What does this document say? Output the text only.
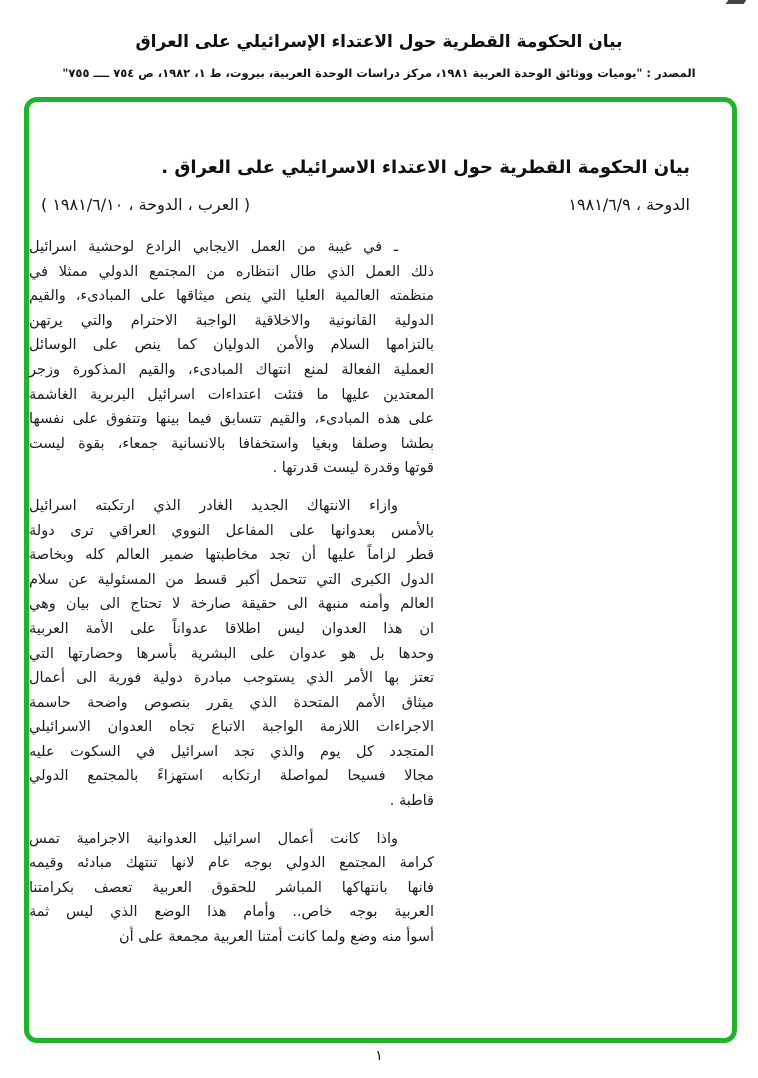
بيان الحكومة القطرية حول الاعتداء الإسرائيلي على العراق
المصدر : "يوميات ووثائق الوحدة العربية ١٩٨١، مركز دراسات الوحدة العربية، بيروت، ط ١، ١٩٨٢، ص ٧٥٤ ــــ ٧٥٥"
بيان الحكومة القطرية حول الاعتداء الاسرائيلي على العراق .
الدوحة ، ١٩٨١/٦/٩
( العرب ، الدوحة ، ١٩٨١/٦/١٠ )
ـ في غيبة من العمل الايجابي الرادع لوحشية اسرائيل
ذلك العمل الذي طال انتظاره من المجتمع الدولي ممثلا في
منظمته العالمية العليا التي ينص ميثاقها على المبادىء، والقيم
الدولية القانونية والاخلاقية الواجبة الاحترام والتي يرتهن
بالتزامها السلام والأمن الدوليان كما ينص على الوسائل
العملية الفعالة لمنع انتهاك المبادىء، والقيم المذكورة وزجر
المعتدين عليها ما فتئت اعتداءات اسرائيل البربرية الغاشمة
على هذه المبادىء، والقيم تتسابق فيما بينها وتتفوق على نفسها
بطشا وصلفا وبغيا واستخفافا بالانسانية جمعاء، بقوة ليست
قوتها وقدرة ليست قدرتها .
وازاء الانتهاك الجديد الغادر الذي ارتكبته اسرائيل
بالأمس بعدوانها على المفاعل النووي العراقي ترى دولة
قطر لزاماً عليها أن تجد مخاطبتها ضمير العالم كله وبخاصة
الدول الكبرى التي تتحمل أكبر قسط من المسئولية عن سلام
العالم وأمنه منبهة الى حقيقة صارخة لا تحتاج الى بيان وهي
ان هذا العدوان ليس اطلاقا عدواناً على الأمة العربية
وحدها بل هو عدوان على البشرية بأسرها وحضارتها التي
تعتز بها الأمر الذي يستوجب مبادرة دولية فورية الى أعمال
ميثاق الأمم المتحدة الذي يقرر بنصوص واضحة حاسمة
الاجراءات اللازمة الواجبة الاتباع تجاه العدوان الاسرائيلي
المتجدد كل يوم والذي تجد اسرائيل في السكوت عليه
مجالا فسيحا لمواصلة ارتكابه استهزاءً بالمجتمع الدولي
قاطبة .
واذا كانت أعمال اسرائيل العدوانية الاجرامية تمس
كرامة المجتمع الدولي بوجه عام لانها تنتهك مبادئه وقيمه
فانها بانتهاكها المباشر للحقوق العربية تعصف بكرامتنا
العربية بوجه خاص.. وأمام هذا الوضع الذي ليس ثمة
أسوأ منه وضع ولما كانت أمتنا العربية مجمعة على أن
١
